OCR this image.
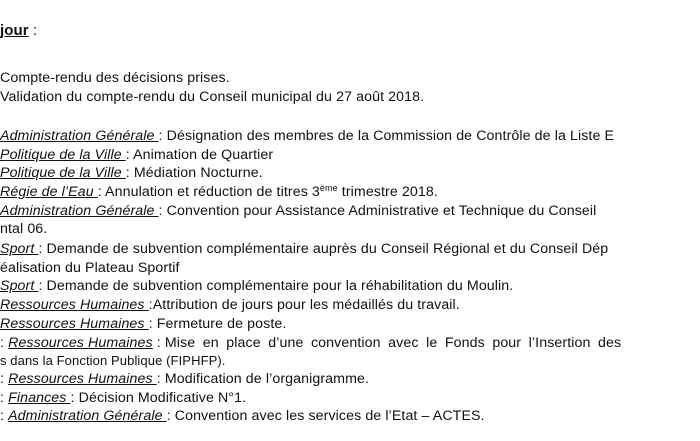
jour :
Compte-rendu des décisions prises.
Validation du compte-rendu du Conseil municipal du 27 août 2018.
Administration Générale : Désignation des membres de la Commission de Contrôle de la Liste E
Politique de la Ville : Animation de Quartier
Politique de la Ville : Médiation Nocturne.
Régie de l’Eau : Annulation et réduction de titres 3ème trimestre 2018.
Administration Générale : Convention pour Assistance Administrative et Technique du Conseil
ntal 06.
Sport : Demande de subvention complémentaire auprès du Conseil Régional et du Conseil Dép
éalisation du Plateau Sportif
Sport : Demande de subvention complémentaire pour la réhabilitation du Moulin.
Ressources Humaines :Attribution de jours pour les médaillés du travail.
Ressources Humaines : Fermeture de poste.
: Ressources Humaines : Mise en place d’une convention avec le Fonds pour l’Insertion des
s dans la Fonction Publique (FIPHFP).
: Ressources Humaines : Modification de l’organigramme.
: Finances : Décision Modificative N°1.
: Administration Générale : Convention avec les services de l’Etat – ACTES.
